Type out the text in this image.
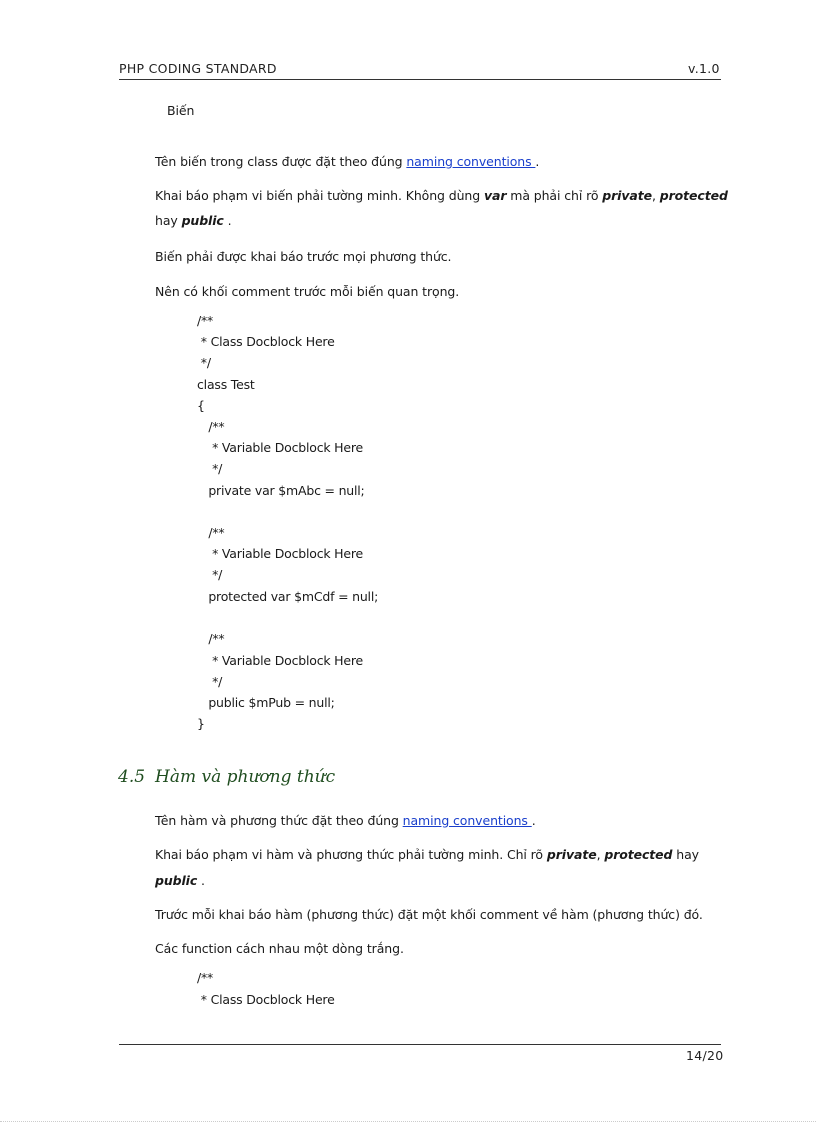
PHP CODING STANDARD	v.1.0
Biến
Tên biến trong class được đặt theo đúng naming conventions .
Khai báo phạm vi biến phải tường minh. Không dùng var mà phải chỉ rõ private, protected
hay public .
Biến phải được khai báo trước mọi phương thức.
Nên có khối comment trước mỗi biến quan trọng.
/**
* Class Docblock Here
*/
class Test
{
/**
* Variable Docblock Here
*/
private var $mAbc = null;
/**
* Variable Docblock Here
*/
protected var $mCdf = null;
/**
* Variable Docblock Here
*/
public $mPub = null;
}
4.5 Hàm và phương thức
Tên hàm và phương thức đặt theo đúng naming conventions .
Khai báo phạm vi hàm và phương thức phải tường minh. Chỉ rõ private, protected hay
public .
Trước mỗi khai báo hàm (phương thức) đặt một khối comment về hàm (phương thức) đó.
Các function cách nhau một dòng trắng.
/**
* Class Docblock Here
14/20
